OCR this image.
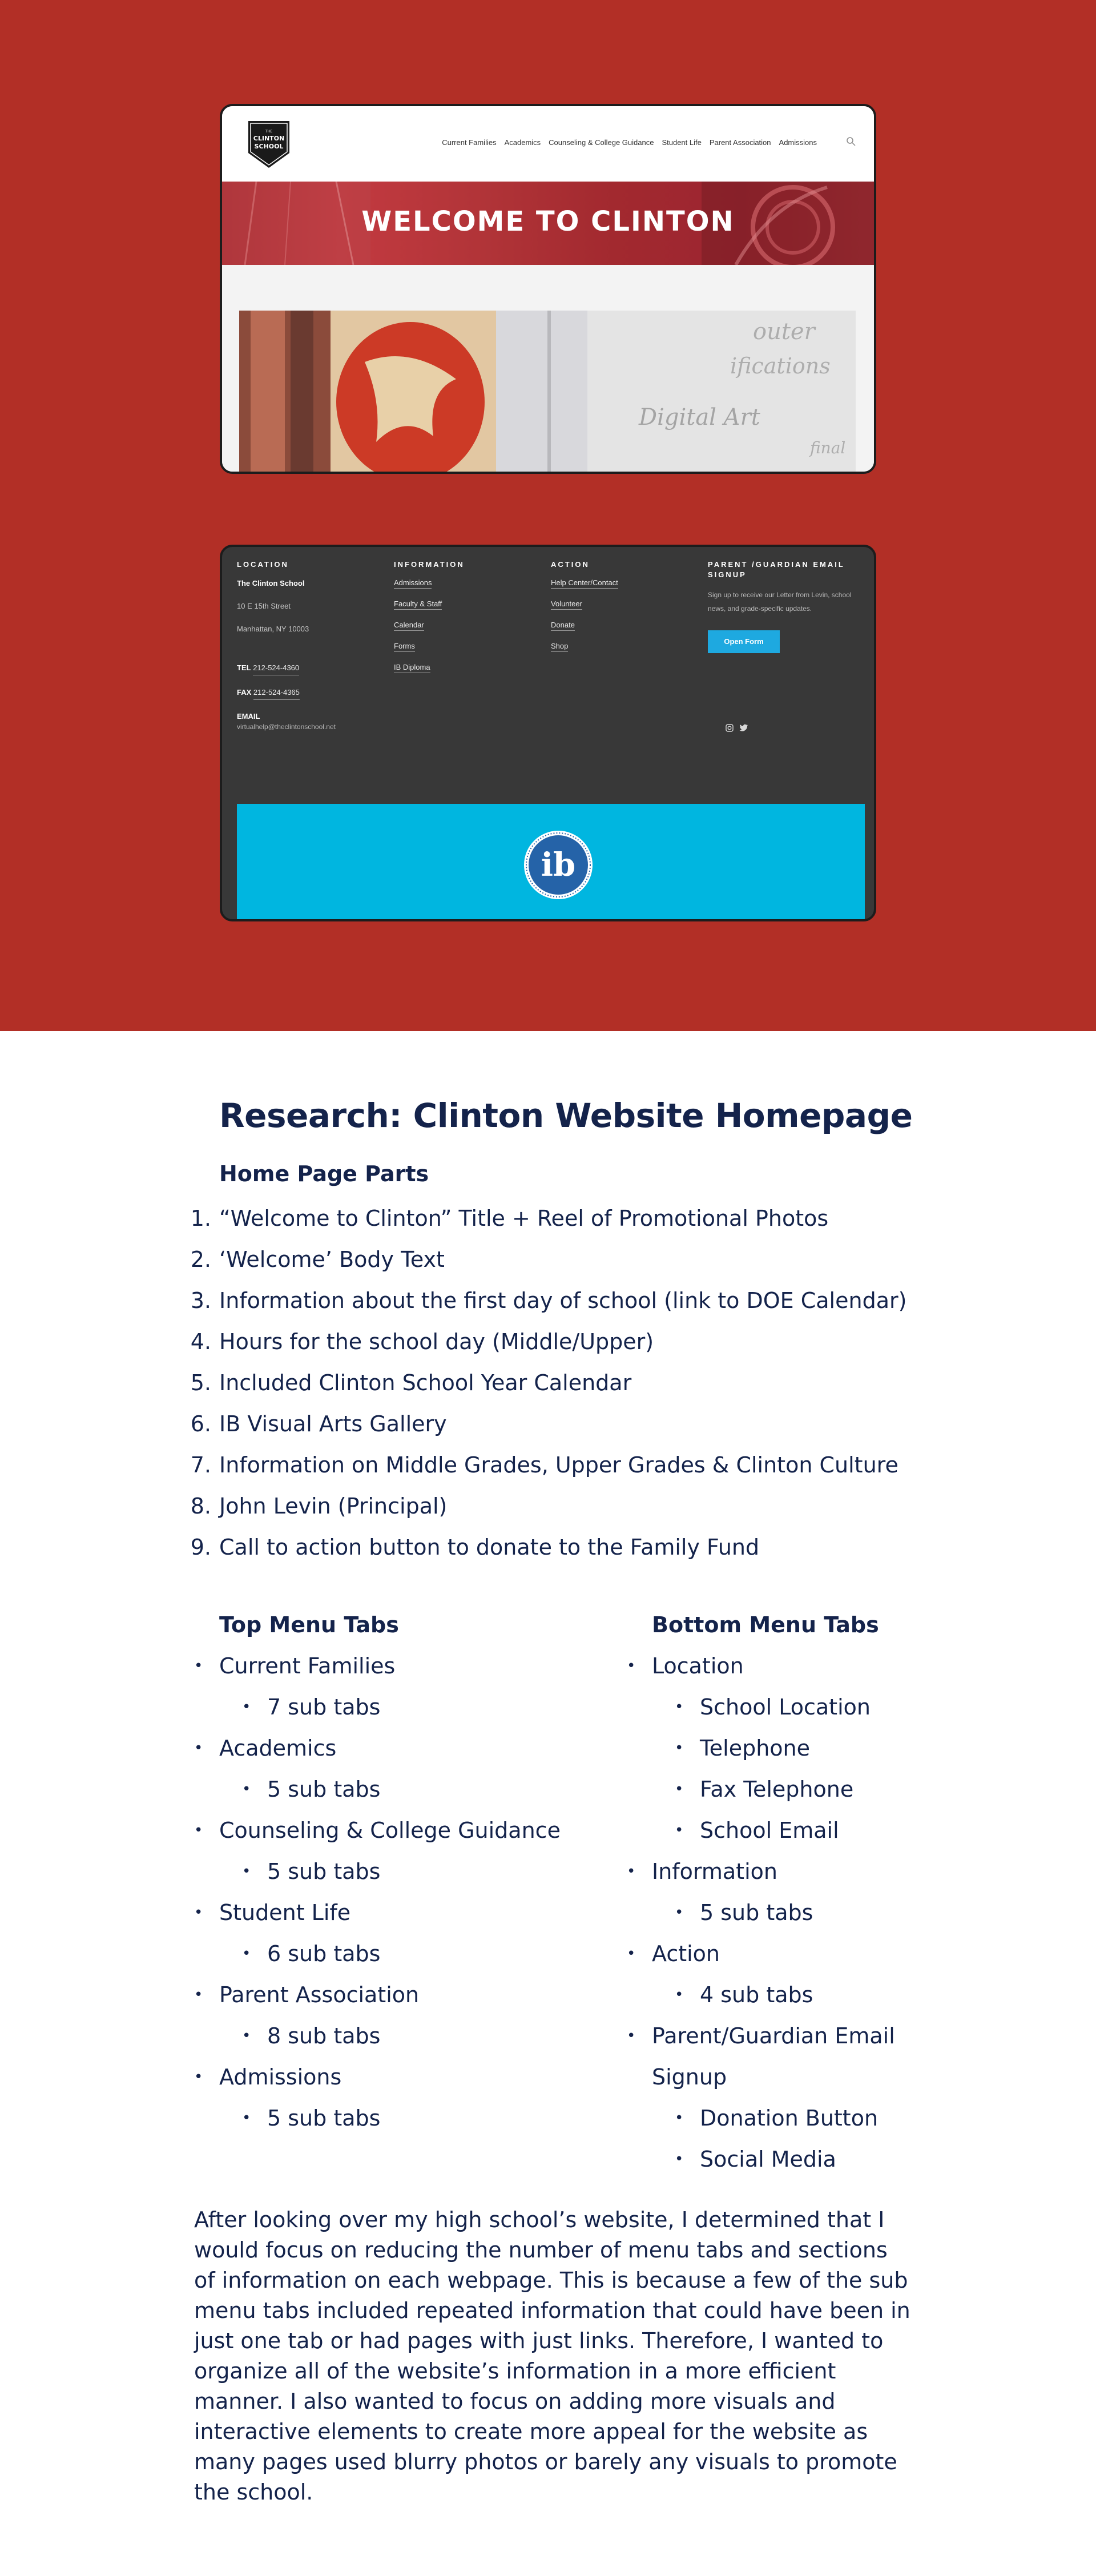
CLINTON
SCHOOL
THE
Current Families Academics Counseling & College Guidance Student Life Parent Association Admissions
WELCOME TO CLINTON
Digital Art
ifications
outer
final
LOCATION
The Clinton School
10 E 15th Street
Manhattan, NY 10003
TEL 212-524-4360
FAX 212-524-4365
EMAIL
virtualhelp@theclintonschool.net
INFORMATION
Admissions
Faculty & Staff
Calendar
Forms
IB Diploma
ACTION
Help Center/Contact
Volunteer
Donate
Shop
PARENT /GUARDIAN EMAIL SIGNUP
Sign up to receive our Letter from Levin, school news, and grade-specific updates.
Open Form
ib
Research: Clinton Website Homepage
Home Page Parts
1. “Welcome to Clinton” Title + Reel of Promotional Photos
2. ‘Welcome’ Body Text
3. Information about the first day of school (link to DOE Calendar)
4. Hours for the school day (Middle/Upper)
5. Included Clinton School Year Calendar
6. IB Visual Arts Gallery
7. Information on Middle Grades, Upper Grades & Clinton Culture
8. John Levin (Principal)
9. Call to action button to donate to the Family Fund
Top Menu Tabs
• Current Families
• 7 sub tabs
• Academics
• 5 sub tabs
• Counseling & College Guidance
• 5 sub tabs
• Student Life
• 6 sub tabs
• Parent Association
• 8 sub tabs
• Admissions
• 5 sub tabs
Bottom Menu Tabs
• Location
• School Location
• Telephone
• Fax Telephone
• School Email
• Information
• 5 sub tabs
• Action
• 4 sub tabs
• Parent/Guardian Email Signup
• Donation Button
• Social Media
After looking over my high school’s website, I determined that I would focus on reducing the number of menu tabs and sections of information on each webpage. This is because a few of the sub menu tabs included repeated information that could have been in just one tab or had pages with just links. Therefore, I wanted to organize all of the website’s information in a more efficient manner. I also wanted to focus on adding more visuals and interactive elements to create more appeal for the website as many pages used blurry photos or barely any visuals to promote the school.
